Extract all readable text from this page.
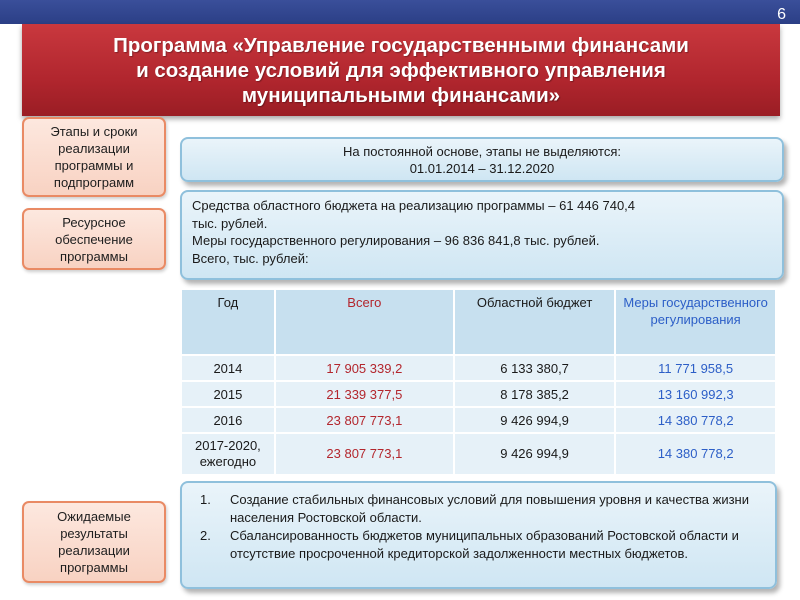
6
Программа «Управление государственными финансами
и создание условий для эффективного управления
муниципальными финансами»
Этапы и сроки реализации программы и подпрограмм
Ресурсное обеспечение программы
Ожидаемые результаты реализации программы
На постоянной основе, этапы не выделяются:
01.01.2014 – 31.12.2020
Средства областного бюджета на реализацию программы – 61 446 740,4
тыс. рублей.
Меры государственного регулирования – 96 836 841,8 тыс. рублей.
Всего, тыс. рублей:
Год	Всего	Областной бюджет	Меры государственного регулирования
2014	17 905 339,2	6 133 380,7	11 771 958,5
2015	21 339 377,5	8 178 385,2	13 160 992,3
2016	23 807 773,1	9 426 994,9	14 380 778,2
2017-2020, ежегодно	23 807 773,1	9 426 994,9	14 380 778,2
1.	Создание стабильных финансовых условий для повышения уровня и качества жизни населения Ростовской области.
2.	Сбалансированность бюджетов муниципальных образований Ростовской области и отсутствие просроченной кредиторской задолженности местных бюджетов.
